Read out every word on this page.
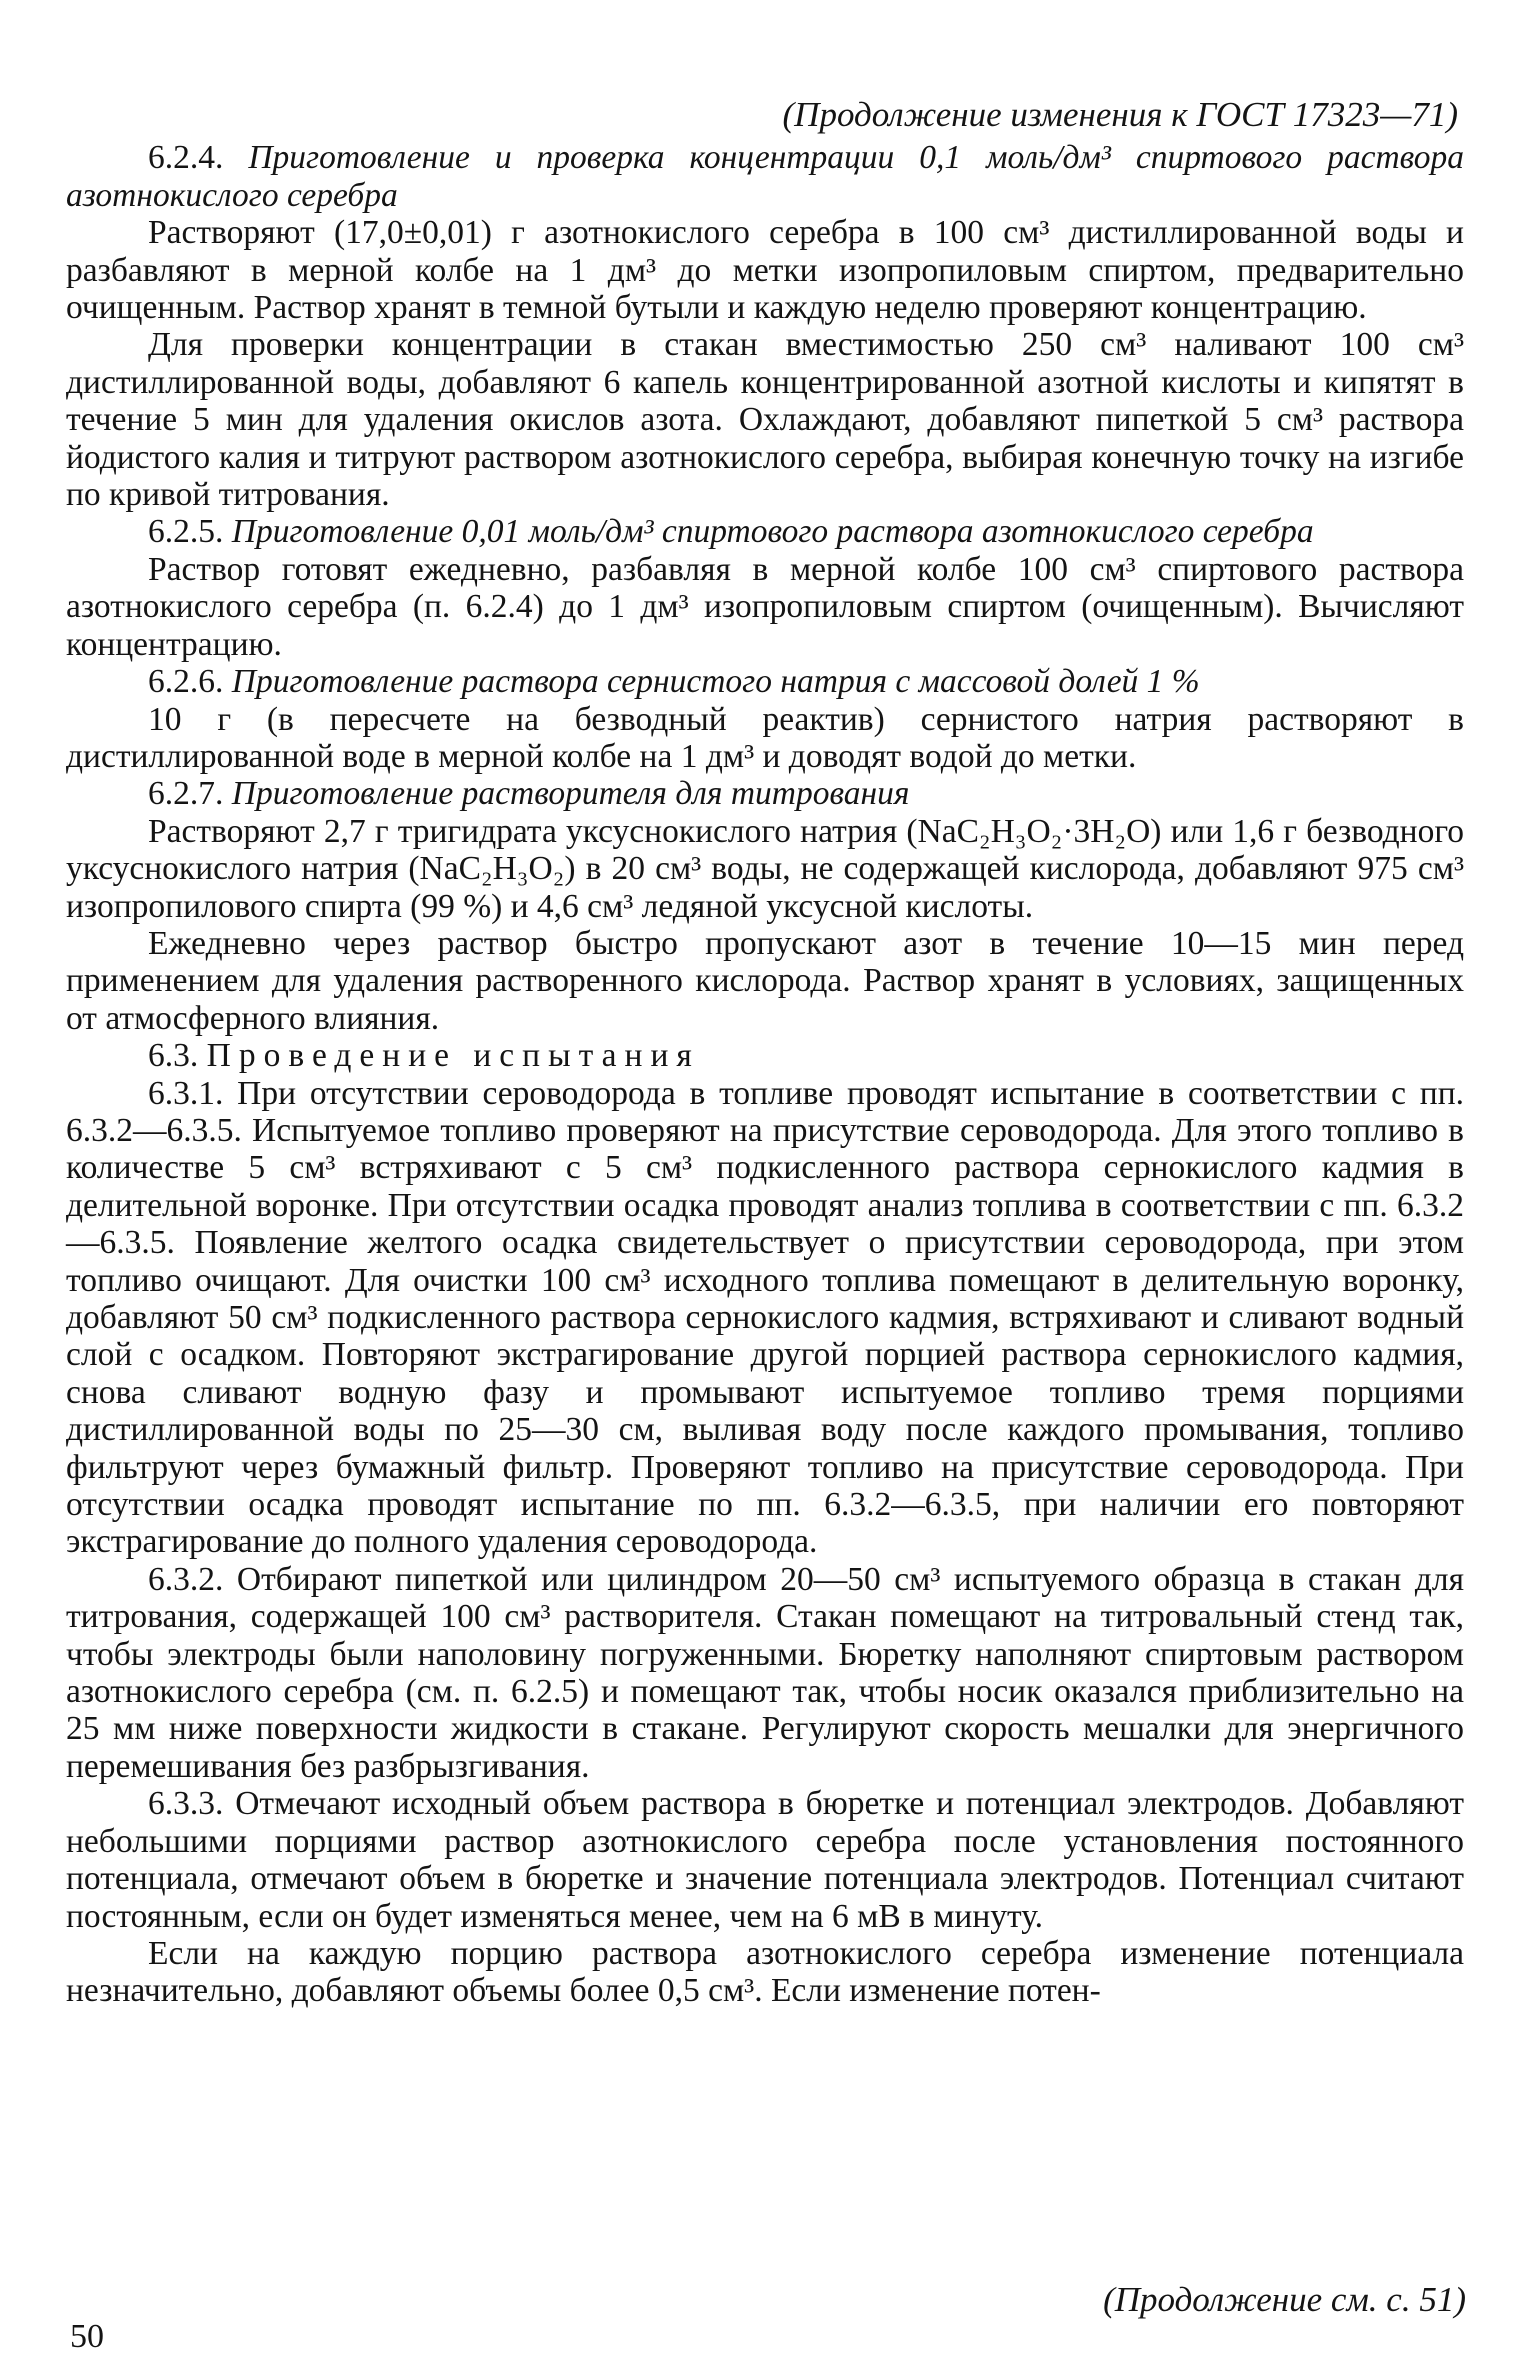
(Продолжение изменения к ГОСТ 17323—71)

6.2.4. Приготовление и проверка концентрации 0,1 моль/дм³ спиртового раствора азотнокислого серебра

Растворяют (17,0±0,01) г азотнокислого серебра в 100 см³ дистиллированной воды и разбавляют в мерной колбе на 1 дм³ до метки изопропиловым спиртом, предварительно очищенным. Раствор хранят в темной бутыли и каждую неделю проверяют концентрацию.

Для проверки концентрации в стакан вместимостью 250 см³ наливают 100 см³ дистиллированной воды, добавляют 6 капель концентрированной азотной кислоты и кипятят в течение 5 мин для удаления окислов азота. Охлаждают, добавляют пипеткой 5 см³ раствора йодистого калия и титруют раствором азотнокислого серебра, выбирая конечную точку на изгибе по кривой титрования.

6.2.5. Приготовление 0,01 моль/дм³ спиртового раствора азотнокислого серебра

Раствор готовят ежедневно, разбавляя в мерной колбе 100 см³ спиртового раствора азотнокислого серебра (п. 6.2.4) до 1 дм³ изопропиловым спиртом (очищенным). Вычисляют концентрацию.

6.2.6. Приготовление раствора сернистого натрия с массовой долей 1 %

10 г (в пересчете на безводный реактив) сернистого натрия растворяют в дистиллированной воде в мерной колбе на 1 дм³ и доводят водой до метки.

6.2.7. Приготовление растворителя для титрования

Растворяют 2,7 г тригидрата уксуснокислого натрия (NaC₂H₃O₂·3H₂O) или 1,6 г безводного уксуснокислого натрия (NaC₂H₃O₂) в 20 см³ воды, не содержащей кислорода, добавляют 975 см³ изопропилового спирта (99 %) и 4,6 см³ ледяной уксусной кислоты.

Ежедневно через раствор быстро пропускают азот в течение 10—15 мин перед применением для удаления растворенного кислорода. Раствор хранят в условиях, защищенных от атмосферного влияния.

6.3. Проведение испытания

6.3.1. При отсутствии сероводорода в топливе проводят испытание в соответствии с пп. 6.3.2—6.3.5. Испытуемое топливо проверяют на присутствие сероводорода. Для этого топливо в количестве 5 см³ встряхивают с 5 см³ подкисленного раствора сернокислого кадмия в делительной воронке. При отсутствии осадка проводят анализ топлива в соответствии с пп. 6.3.2—6.3.5. Появление желтого осадка свидетельствует о присутствии сероводорода, при этом топливо очищают. Для очистки 100 см³ исходного топлива помещают в делительную воронку, добавляют 50 см³ подкисленного раствора сернокислого кадмия, встряхивают и сливают водный слой с осадком. Повторяют экстрагирование другой порцией раствора сернокислого кадмия, снова сливают водную фазу и промывают испытуемое топливо тремя порциями дистиллированной воды по 25—30 см, выливая воду после каждого промывания, топливо фильтруют через бумажный фильтр. Проверяют топливо на присутствие сероводорода. При отсутствии осадка проводят испытание по пп. 6.3.2—6.3.5, при наличии его повторяют экстрагирование до полного удаления сероводорода.

6.3.2. Отбирают пипеткой или цилиндром 20—50 см³ испытуемого образца в стакан для титрования, содержащей 100 см³ растворителя. Стакан помещают на титровальный стенд так, чтобы электроды были наполовину погруженными. Бюретку наполняют спиртовым раствором азотнокислого серебра (см. п. 6.2.5) и помещают так, чтобы носик оказался приблизительно на 25 мм ниже поверхности жидкости в стакане. Регулируют скорость мешалки для энергичного перемешивания без разбрызгивания.

6.3.3. Отмечают исходный объем раствора в бюретке и потенциал электродов. Добавляют небольшими порциями раствор азотнокислого серебра после установления постоянного потенциала, отмечают объем в бюретке и значение потенциала электродов. Потенциал считают постоянным, если он будет изменяться менее, чем на 6 мВ в минуту.

Если на каждую порцию раствора азотнокислого серебра изменение потенциала незначительно, добавляют объемы более 0,5 см³. Если изменение потен-

(Продолжение см. с. 51)
50
